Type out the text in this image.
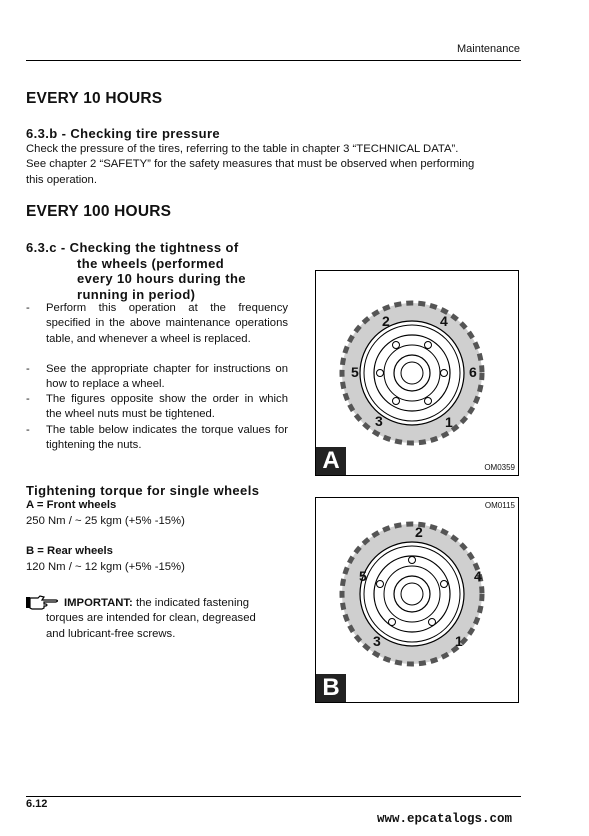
Maintenance
EVERY 10 HOURS
6.3.b - Checking tire pressure
Check the pressure of the tires, referring to the table in chapter 3 “TECHNICAL DATA”.
See chapter 2 “SAFETY” for the safety measures that must be observed when performing
this operation.
EVERY 100 HOURS
6.3.c - Checking the tightness of
the wheels (performed
every 10 hours during the
running in period)
- Perform this operation at the frequency specified in the above maintenance operations table, and whenever a wheel is replaced.
- See the appropriate chapter for instructions on how to replace a wheel.
- The figures opposite show the order in which the wheel nuts must be tightened.
- The table below indicates the torque values for tightening the nuts.
Tightening torque for single wheels
A = Front wheels
250 Nm / ~ 25 kgm (+5% -15%)
B = Rear wheels
120 Nm / ~ 12 kgm (+5% -15%)
IMPORTANT: the indicated fastening
torques are intended for clean, degreased
and lubricant-free screws.
1
2
3
4
5	6
A	OM0359
1
2
3
4
5
OM0115
B
6.12
www.epcatalogs.com
